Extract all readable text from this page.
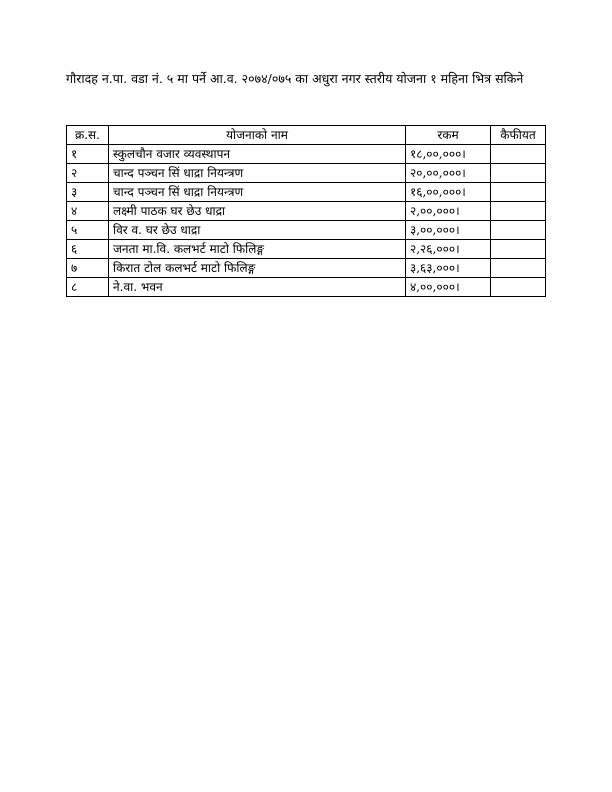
गौरादह न.पा. वडा नं. ५ मा पर्ने आ.व. २०७४/०७५ का अधुरा नगर स्तरीय योजना १ महिना भित्र सकिने
क्र.स.	योजनाको नाम	रकम	कैफीयत
१	स्कुलचौन वजार व्यवस्थापन	१८,००,०००।	
२	चान्द पञ्चन सिं धाद्रा नियन्त्रण	२०,००,०००।	
३	चान्द पञ्चन सिं धाद्रा नियन्त्रण	१६,००,०००।	
४	लक्ष्मी पाठक घर छेउ धाद्रा	२,००,०००।	
५	विर व. घर छेउ धाद्रा	३,००,०००।	
६	जनता मा.वि. कलभर्ट माटो फिलिङ्ग	२,२६,०००।	
७	किरात टोल कलभर्ट माटो फिलिङ्ग	३,६३,०००।	
८	ने.वा. भवन	४,००,०००।	
